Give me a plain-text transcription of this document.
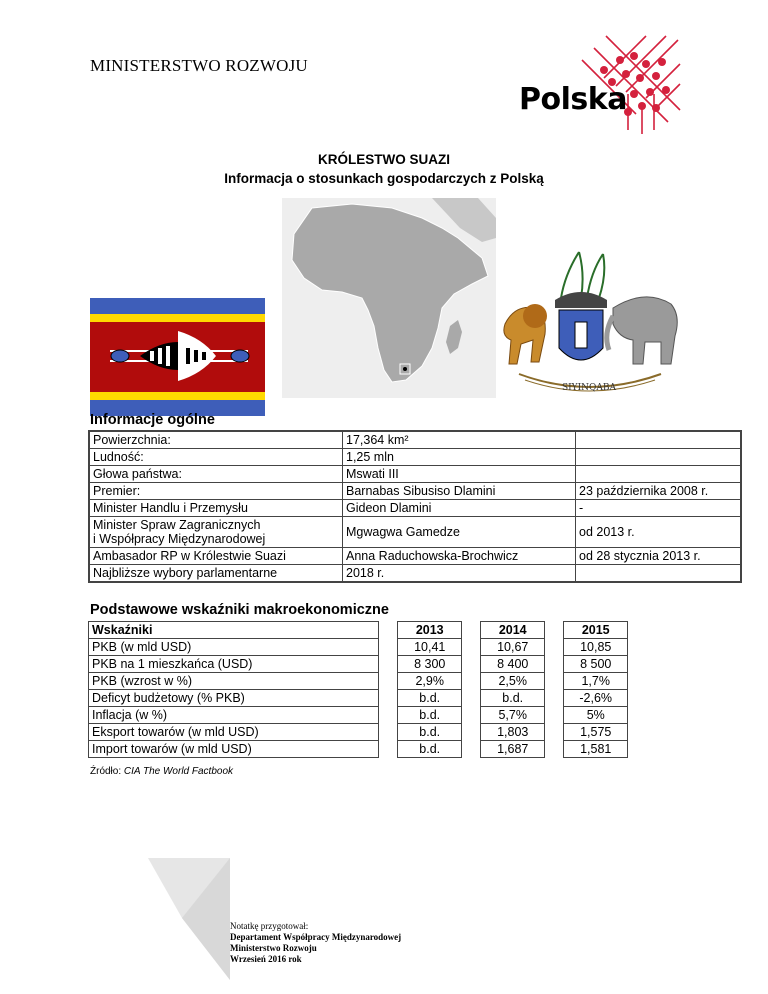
MINISTERSTWO ROZWOJU
Polska
KRÓLESTWO SUAZI
Informacja o stosunkach gospodarczych z Polską
SIYINQABA
Informacje ogólne
Powierzchnia:	17,364 km²	
Ludność:	1,25 mln	
Głowa państwa:	Mswati III	
Premier:	Barnabas Sibusiso Dlamini	23 października 2008 r.
Minister Handlu i Przemysłu	Gideon Dlamini	-
Minister Spraw Zagranicznych
i Współpracy Międzynarodowej	Mgwagwa Gamedze	od 2013 r.
Ambasador RP w Królestwie Suazi	Anna Raduchowska-Brochwicz	od 28 stycznia 2013 r.
Najbliższe wybory parlamentarne	2018 r.	
Podstawowe wskaźniki makroekonomiczne
Wskaźniki		2013		2014		2015
PKB (w mld USD)		10,41		10,67		10,85
PKB na 1 mieszkańca (USD)		8 300		8 400		8 500
PKB (wzrost w %)		2,9%		2,5%		1,7%
Deficyt budżetowy (% PKB)		b.d.		b.d.		-2,6%
Inflacja (w %)		b.d.		5,7%		5%
Eksport towarów (w mld USD)		b.d.		1,803		1,575
Import towarów (w mld USD)		b.d.		1,687		1,581
Źródło: CIA The World Factbook
Notatkę przygotował:
Departament Współpracy Międzynarodowej
Ministerstwo Rozwoju
Wrzesień 2016 rok
